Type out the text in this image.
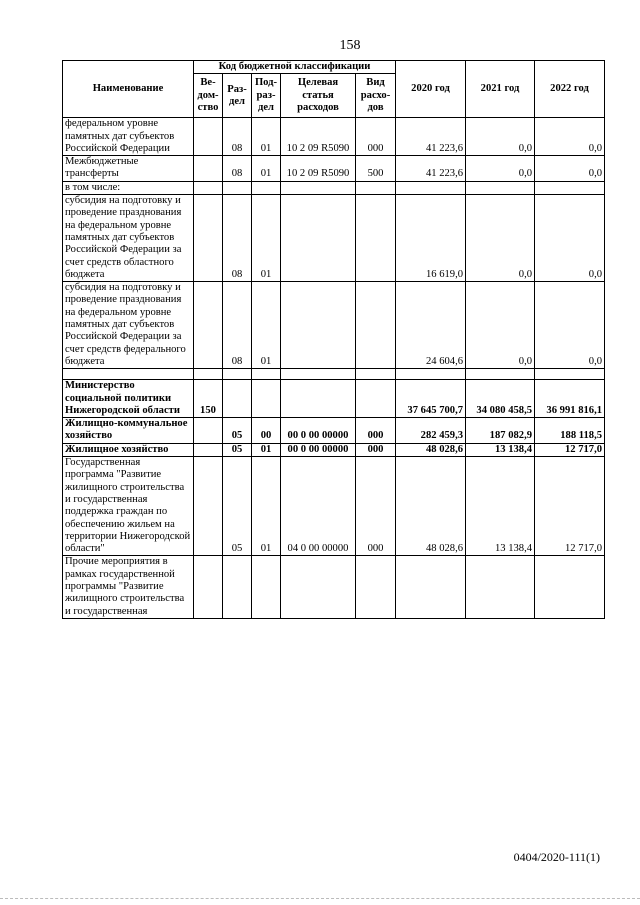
158
Наименование	Код бюджетной классификации					2020 год	2021 год	2022 год
	Ве-дом-ство	Раз-дел	Под-раз-дел	Целевая статья расходов	Вид расхо-дов			
федеральном уровне памятных дат субъектов Российской Федерации		08	01	10 2 09 R5090	000	41 223,6	0,0	0,0
Межбюджетные трансферты		08	01	10 2 09 R5090	500	41 223,6	0,0	0,0
в том числе:								
субсидия на подготовку и проведение празднования на федеральном уровне памятных дат субъектов Российской Федерации за счет средств областного бюджета		08	01			16 619,0	0,0	0,0
субсидия на подготовку и проведение празднования на федеральном уровне памятных дат субъектов Российской Федерации за счет средств федерального бюджета		08	01			24 604,6	0,0	0,0

Министерство социальной политики Нижегородской области	150					37 645 700,7	34 080 458,5	36 991 816,1
Жилищно-коммунальное хозяйство		05	00	00 0 00 00000	000	282 459,3	187 082,9	188 118,5
Жилищное хозяйство		05	01	00 0 00 00000	000	48 028,6	13 138,4	12 717,0
Государственная программа "Развитие жилищного строительства и государственная поддержка граждан по обеспечению жильем на территории Нижегородской области"		05	01	04 0 00 00000	000	48 028,6	13 138,4	12 717,0
Прочие мероприятия в рамках государственной программы "Развитие жилищного строительства и государственная								
0404/2020-111(1)
